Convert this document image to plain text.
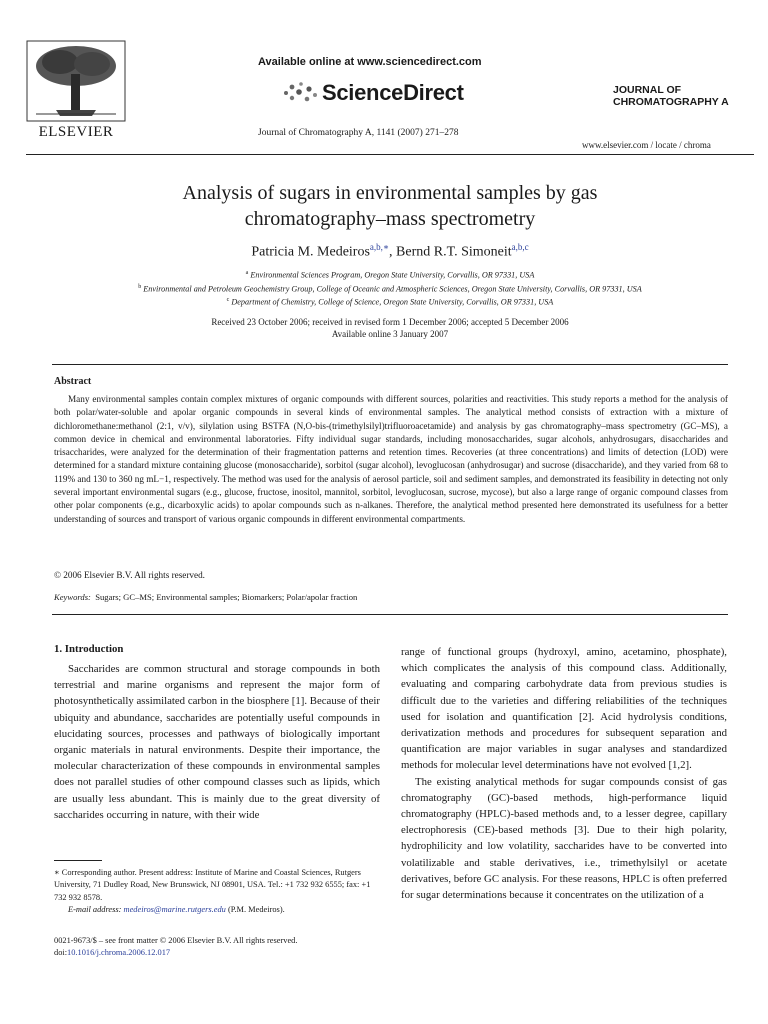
ELSEVIER
Available online at www.sciencedirect.com
ScienceDirect
Journal of Chromatography A, 1141 (2007) 271–278
JOURNAL OF
CHROMATOGRAPHY A
www.elsevier.com / locate / chroma
Analysis of sugars in environmental samples by gas
chromatography–mass spectrometry
Patricia M. Medeiros$^{a,b,∗}$, Bernd R.T. Simoneit$^{a,b,c}$
$^a$ Environmental Sciences Program, Oregon State University, Corvallis, OR 97331, USA
$^b$ Environmental and Petroleum Geochemistry Group, College of Oceanic and Atmospheric Sciences, Oregon State University, Corvallis, OR 97331, USA
$^c$ Department of Chemistry, College of Science, Oregon State University, Corvallis, OR 97331, USA
Received 23 October 2006; received in revised form 1 December 2006; accepted 5 December 2006
Available online 3 January 2007
Abstract
Many environmental samples contain complex mixtures of organic compounds with different sources, polarities and reactivities. This study reports a method for the analysis of both polar/water-soluble and apolar organic compounds in several kinds of environmental samples. The analytical method consists of extraction with a mixture of dichloromethane:methanol (2:1, v/v), silylation using BSTFA (N,O-bis-(trimethylsilyl)trifluoroacetamide) and analysis by gas chromatography–mass spectrometry (GC–MS), a common device in chemical and environmental laboratories. Fifty individual sugar standards, including monosaccharides, sugar alcohols, anhydrosugars, disaccharides and trisaccharides, were analyzed for the determination of their fragmentation patterns and retention times. Recoveries (at three concentrations) and limits of detection (LOD) were determined for a standard mixture containing glucose (monosaccharide), sorbitol (sugar alcohol), levoglucosan (anhydrosugar) and sucrose (disaccharide), and they varied from 68 to 119% and 130 to 360 ng mL−1, respectively. The method was used for the analysis of aerosol particle, soil and sediment samples, and demonstrated its feasibility in detecting not only several important environmental sugars (e.g., glucose, fructose, inositol, mannitol, sorbitol, levoglucosan, sucrose, mycose), but also a large range of organic compound classes from other polar components (e.g., dicarboxylic acids) to apolar compounds such as n-alkanes. Therefore, the analytical method presented here demonstrated its usefulness for a better understanding of sources and transport of various organic compounds in different environmental compartments.
© 2006 Elsevier B.V. All rights reserved.
Keywords: Sugars; GC–MS; Environmental samples; Biomarkers; Polar/apolar fraction
1. Introduction
Saccharides are common structural and storage compounds in both terrestrial and marine organisms and represent the major form of photosynthetically assimilated carbon in the biosphere [1]. Because of their ubiquity and abundance, saccharides are potentially useful compounds in elucidating sources, processes and pathways of biologically important organic materials in natural environments. Despite their importance, the molecular characterization of these compounds in environmental samples does not parallel studies of other compound classes such as lipids, which are usually less abundant. This is mainly due to the great diversity of saccharides occurring in nature, with their wide
range of functional groups (hydroxyl, amino, acetamino, phosphate), which complicates the analysis of this compound class. Additionally, evaluating and comparing carbohydrate data from previous studies is difficult due to the varieties and differing reliabilities of the techniques used for isolation and quantification [2]. Acid hydrolysis conditions, derivatization methods and procedures for subsequent separation and quantification are major variables in sugar analyses and standardized methods for molecular level determinations have not evolved [1,2].
The existing analytical methods for sugar compounds consist of gas chromatography (GC)-based methods, high-performance liquid chromatography (HPLC)-based methods and, to a lesser degree, capillary electrophoresis (CE)-based methods [3]. Due to their high polarity, hydrophilicity and low volatility, saccharides have to be converted into volatilizable and stable derivatives, i.e., trimethylsilyl or acetate derivatives, before GC analysis. For these reasons, HPLC is often preferred for sugar determinations because it concentrates on the utilization of a
∗ Corresponding author. Present address: Institute of Marine and Coastal Sciences, Rutgers University, 71 Dudley Road, New Brunswick, NJ 08901, USA. Tel.: +1 732 932 6555; fax: +1 732 932 8578.
E-mail address: medeiros@marine.rutgers.edu (P.M. Medeiros).
0021-9673/$ – see front matter © 2006 Elsevier B.V. All rights reserved.
doi:10.1016/j.chroma.2006.12.017
